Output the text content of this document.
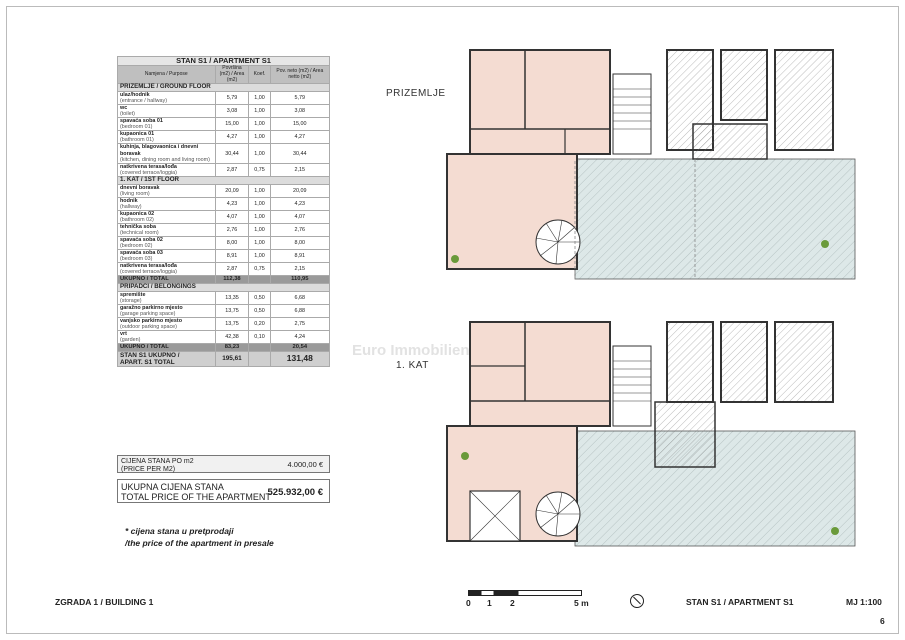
STAN S1 / APARTMENT S1			
Namjena / Purpose	Površina (m2) / Area (m2)	Koef.	Pov. neto (m2) / Area netto (m2)
PRIZEMLJE / GROUND FLOOR			
ulaz/hodnik
(entrance / hallway)	5,79	1,00	5,79
wc
(toilet)	3,08	1,00	3,08
spavaća soba 01
(bedroom 01)	15,00	1,00	15,00
kupaonica 01
(bathroom 01)	4,27	1,00	4,27
kuhinja, blagovaonica i dnevni boravak
(kitchen, dining room and living room)	30,44	1,00	30,44
natkrivena terasa/lođa
(covered terrace/loggia)	2,87	0,75	2,15
1. KAT / 1ST FLOOR			
dnevni boravak
(living room)	20,09	1,00	20,09
hodnik
(hallway)	4,23	1,00	4,23
kupaonica 02
(bathroom 02)	4,07	1,00	4,07
tehnička soba
(technical room)	2,76	1,00	2,76
spavaća soba 02
(bedroom 02)	8,00	1,00	8,00
spavaća soba 03
(bedroom 03)	8,91	1,00	8,91
natkrivena terasa/lođa
(covered terrace/loggia)	2,87	0,75	2,15
UKUPNO / TOTAL	112,38		110,95
PRIPADCI / BELONGINGS			
spremište
(storage)	13,35	0,50	6,68
garažno parkirno mjesto
(garage parking space)	13,75	0,50	6,88
vanjsko parkirno mjesto
(outdoor parking space)	13,75	0,20	2,75
vrt
(garden)	42,38	0,10	4,24
UKUPNO / TOTAL	83,23		20,54
STAN S1 UKUPNO /
APART. S1 TOTAL	195,61		131,48
CIJENA STANA PO m2
(PRICE PER M2)	4.000,00 €
UKUPNA CIJENA STANA
TOTAL PRICE OF THE APARTMENT
525.932,00 €
* cijena stana u pretprodaji
/the price of the apartment in presale
PRIZEMLJE
1. KAT
Euro Immobilien
ZGRADA 1 / BUILDING 1	0 1 2	5 m	STAN S1 / APARTMENT S1	MJ 1:100
6
